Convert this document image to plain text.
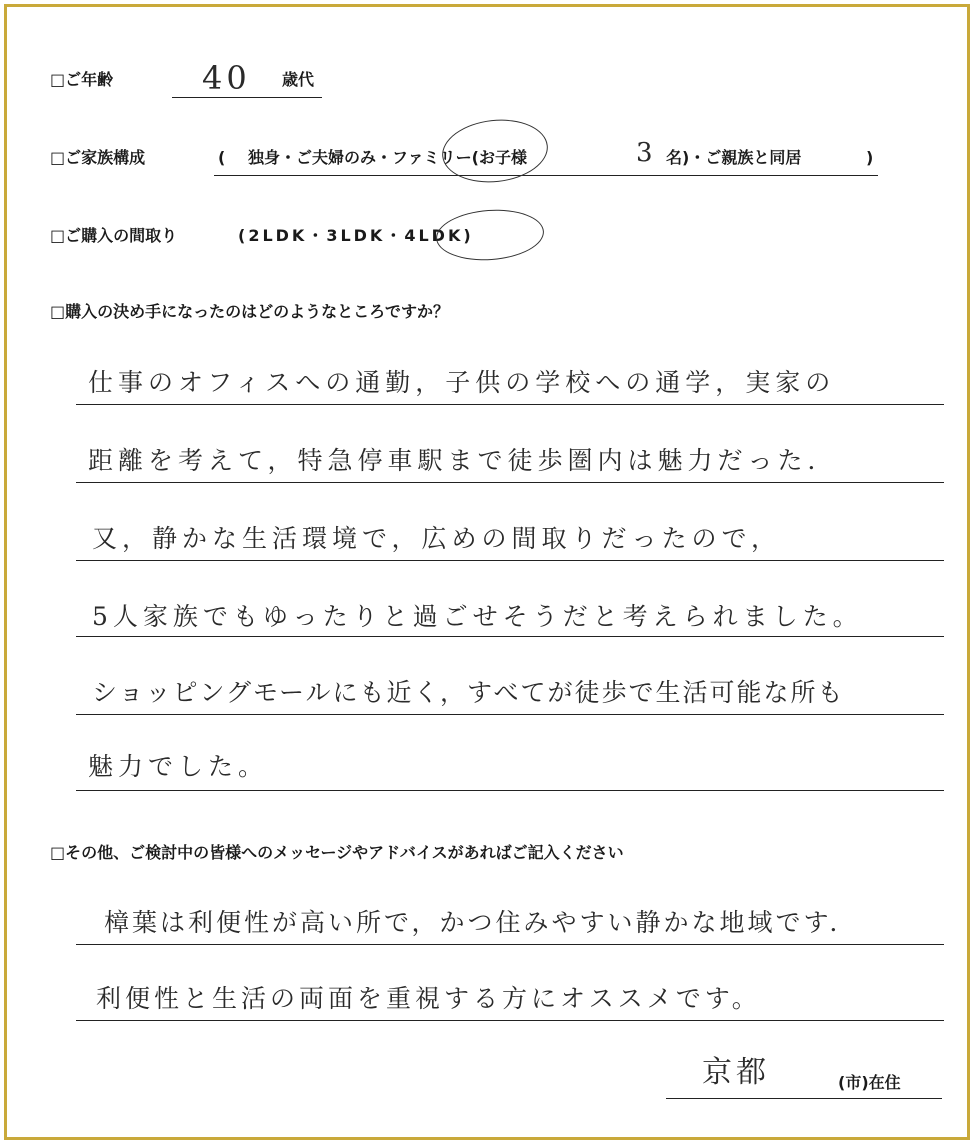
□ご年齢	40 歳代
□ご家族構成	( 独身・ご夫婦のみ・ファミリー(お子様	3 名)・ご親族と同居	)
□ご購入の間取り	(2LDK・3LDK・4LDK)
□購入の決め手になったのはどのようなところですか？
仕事のオフィスへの通勤，子供の学校への通学，実家の
距離を考えて，特急停車駅まで徒歩圏内は魅力だった．
又，静かな生活環境で，広めの間取りだったので，
5人家族でもゆったりと過ごせそうだと考えられました。
ショッピングモールにも近く，すべてが徒歩で生活可能な所も
魅力でした。
□その他、ご検討中の皆様へのメッセージやアドバイスがあればご記入ください
樟葉は利便性が高い所で，かつ住みやすい静かな地域です．
利便性と生活の両面を重視する方にオススメです。
京都	(市)在住
